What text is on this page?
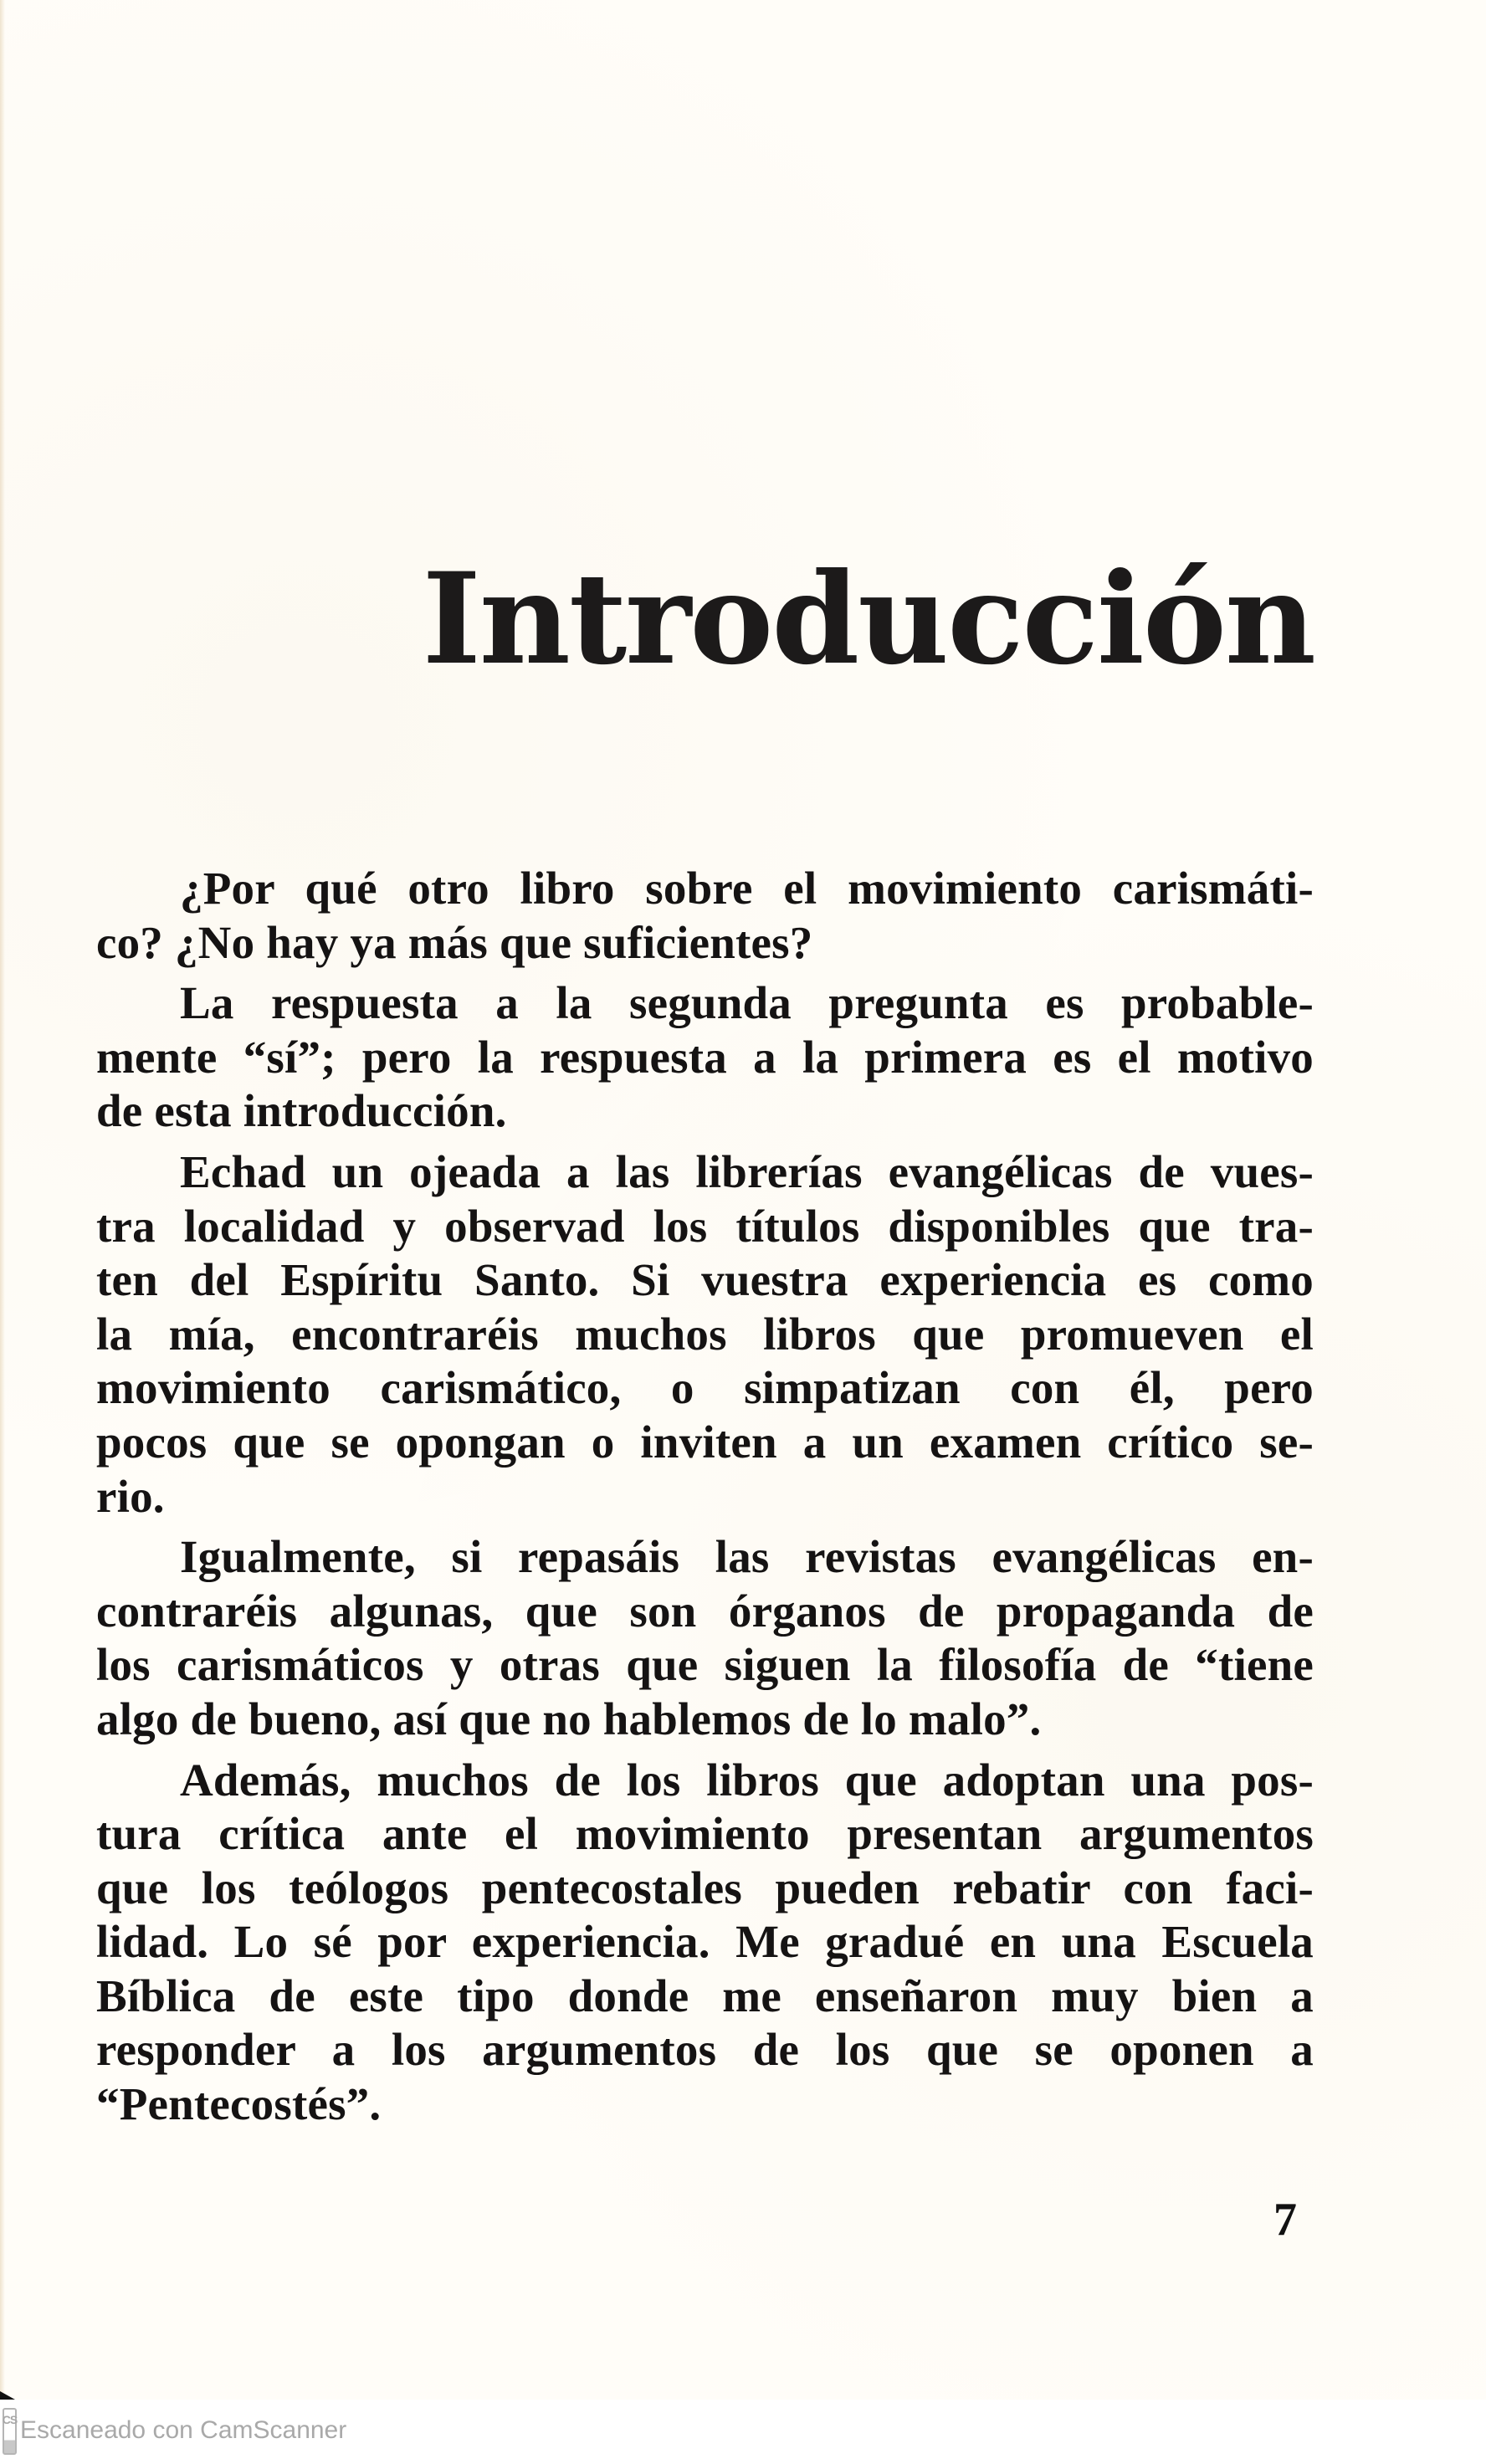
Introducción

¿Por qué otro libro sobre el movimiento carismáti-
co? ¿No hay ya más que suficientes?

La respuesta a la segunda pregunta es probable-
mente “sí”; pero la respuesta a la primera es el motivo
de esta introducción.

Echad un ojeada a las librerías evangélicas de vues-
tra localidad y observad los títulos disponibles que tra-
ten del Espíritu Santo. Si vuestra experiencia es como
la mía, encontraréis muchos libros que promueven el
movimiento carismático, o simpatizan con él, pero
pocos que se opongan o inviten a un examen crítico se-
rio.

Igualmente, si repasáis las revistas evangélicas en-
contraréis algunas, que son órganos de propaganda de
los carismáticos y otras que siguen la filosofía de “tiene
algo de bueno, así que no hablemos de lo malo”.

Además, muchos de los libros que adoptan una pos-
tura crítica ante el movimiento presentan argumentos
que los teólogos pentecostales pueden rebatir con faci-
lidad. Lo sé por experiencia. Me gradué en una Escuela
Bíblica de este tipo donde me enseñaron muy bien a
responder a los argumentos de los que se oponen a
“Pentecostés”.

7
CS Escaneado con CamScanner
